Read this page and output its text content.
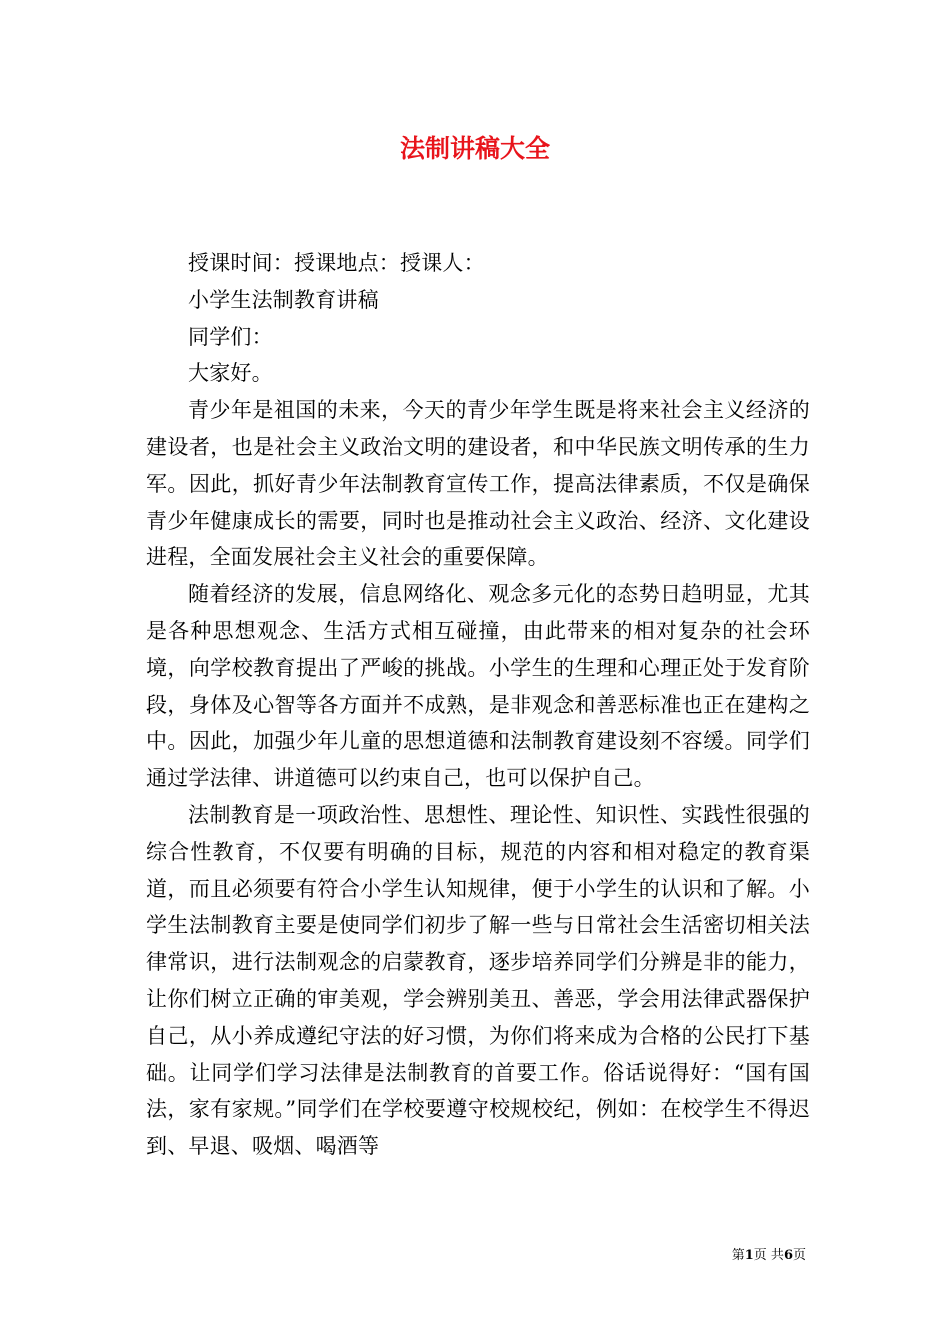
法制讲稿大全

授课时间：授课地点：授课人：

小学生法制教育讲稿

同学们：

大家好。

青少年是祖国的未来，今天的青少年学生既是将来社会主义经济的建设者，也是社会主义政治文明的建设者，和中华民族文明传承的生力军。因此，抓好青少年法制教育宣传工作，提高法律素质，不仅是确保青少年健康成长的需要，同时也是推动社会主义政治、经济、文化建设进程，全面发展社会主义社会的重要保障。

随着经济的发展，信息网络化、观念多元化的态势日趋明显，尤其是各种思想观念、生活方式相互碰撞，由此带来的相对复杂的社会环境，向学校教育提出了严峻的挑战。小学生的生理和心理正处于发育阶段，身体及心智等各方面并不成熟，是非观念和善恶标准也正在建构之中。因此，加强少年儿童的思想道德和法制教育建设刻不容缓。同学们通过学法律、讲道德可以约束自己，也可以保护自己。

法制教育是一项政治性、思想性、理论性、知识性、实践性很强的综合性教育，不仅要有明确的目标，规范的内容和相对稳定的教育渠道，而且必须要有符合小学生认知规律，便于小学生的认识和了解。小学生法制教育主要是使同学们初步了解一些与日常社会生活密切相关法律常识，进行法制观念的启蒙教育，逐步培养同学们分辨是非的能力，让你们树立正确的审美观，学会辨别美丑、善恶，学会用法律武器保护自己，从小养成遵纪守法的好习惯，为你们将来成为合格的公民打下基础。让同学们学习法律是法制教育的首要工作。俗话说得好：“国有国法，家有家规。”同学们在学校要遵守校规校纪，例如：在校学生不得迟到、早退、吸烟、喝酒等

第1页 共6页
